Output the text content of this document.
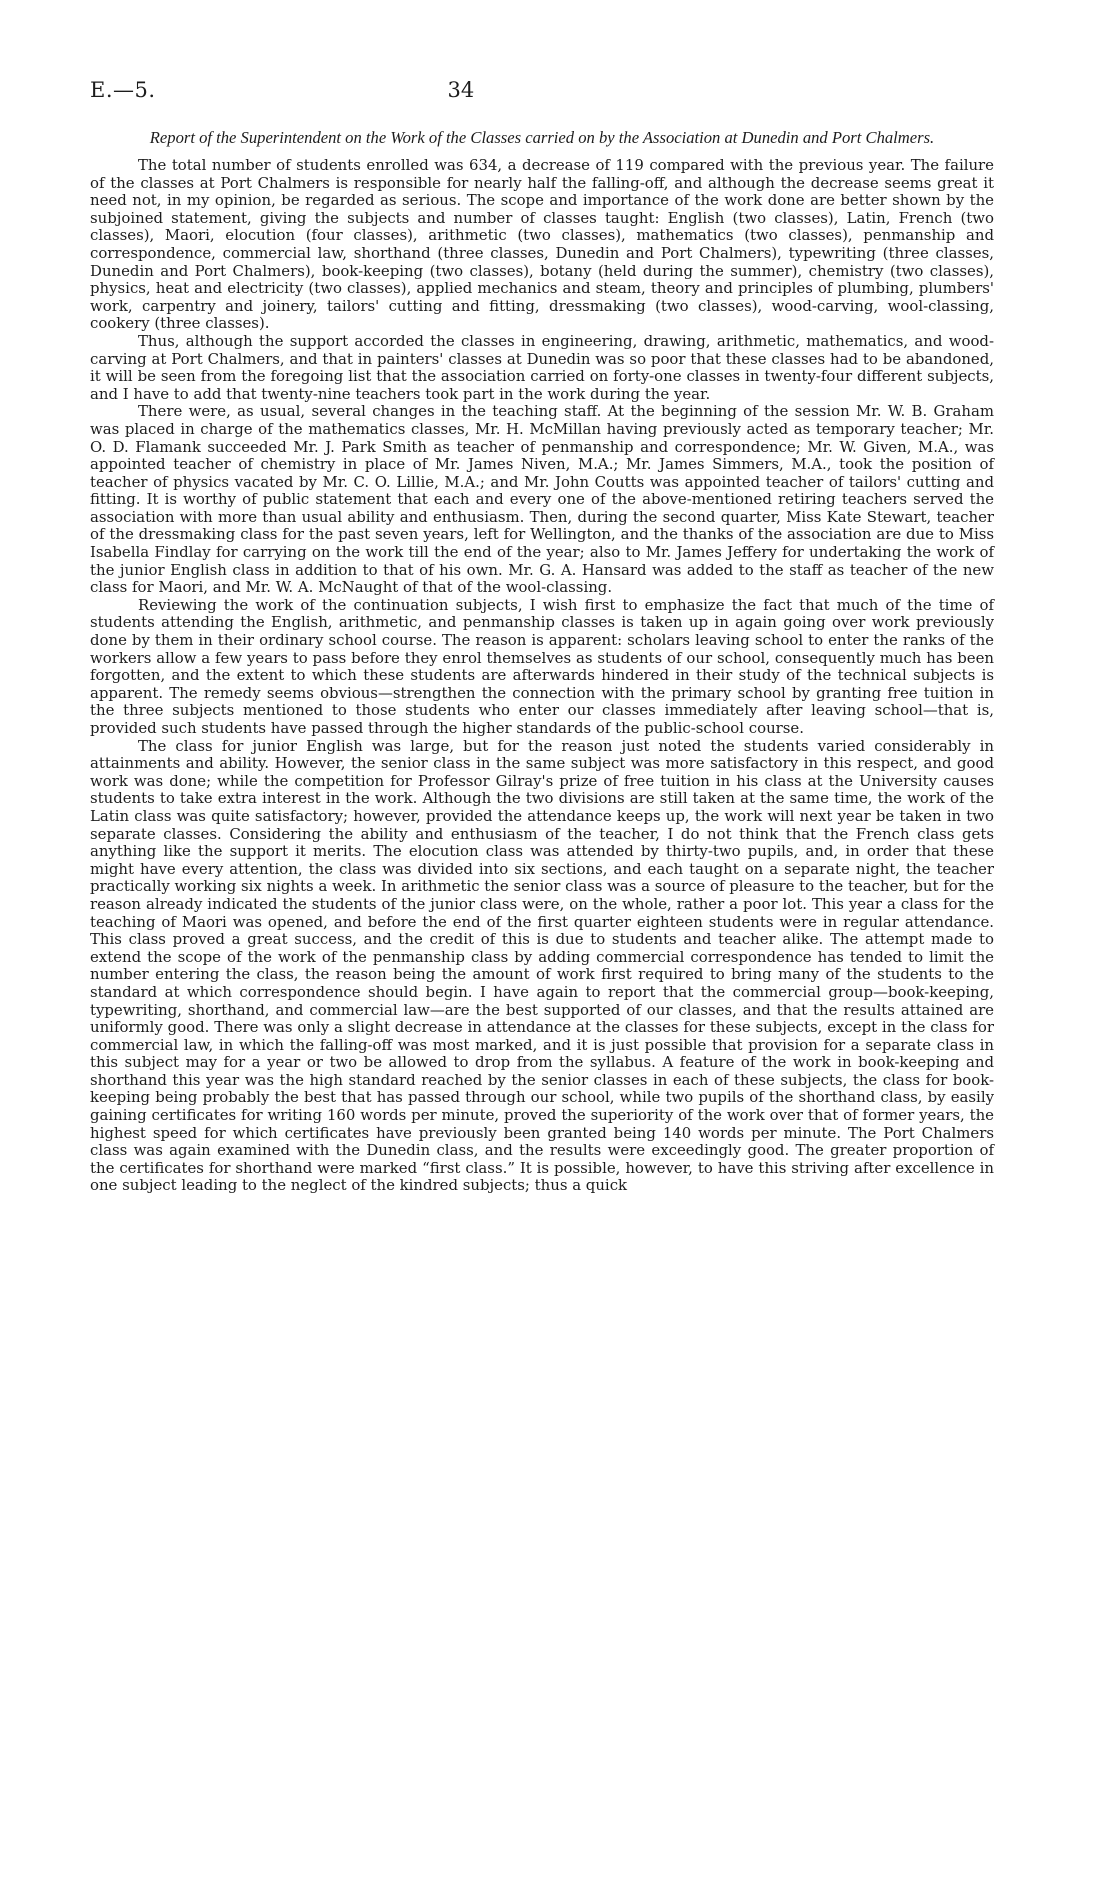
E.—5.	34
Report of the Superintendent on the Work of the Classes carried on by the Association at Dunedin and Port Chalmers.

The total number of students enrolled was 634, a decrease of 119 compared with the previous year. The failure of the classes at Port Chalmers is responsible for nearly half the falling-off, and although the decrease seems great it need not, in my opinion, be regarded as serious. The scope and importance of the work done are better shown by the subjoined statement, giving the subjects and number of classes taught: English (two classes), Latin, French (two classes), Maori, elocution (four classes), arithmetic (two classes), mathematics (two classes), penmanship and correspondence, commercial law, shorthand (three classes, Dunedin and Port Chalmers), typewriting (three classes, Dunedin and Port Chalmers), book-keeping (two classes), botany (held during the summer), chemistry (two classes), physics, heat and electricity (two classes), applied mechanics and steam, theory and principles of plumbing, plumbers' work, carpentry and joinery, tailors' cutting and fitting, dressmaking (two classes), wood-carving, wool-classing, cookery (three classes).

Thus, although the support accorded the classes in engineering, drawing, arithmetic, mathematics, and wood-carving at Port Chalmers, and that in painters' classes at Dunedin was so poor that these classes had to be abandoned, it will be seen from the foregoing list that the association carried on forty-one classes in twenty-four different subjects, and I have to add that twenty-nine teachers took part in the work during the year.

There were, as usual, several changes in the teaching staff. At the beginning of the session Mr. W. B. Graham was placed in charge of the mathematics classes, Mr. H. McMillan having previously acted as temporary teacher; Mr. O. D. Flamank succeeded Mr. J. Park Smith as teacher of penmanship and correspondence; Mr. W. Given, M.A., was appointed teacher of chemistry in place of Mr. James Niven, M.A.; Mr. James Simmers, M.A., took the position of teacher of physics vacated by Mr. C. O. Lillie, M.A.; and Mr. John Coutts was appointed teacher of tailors' cutting and fitting. It is worthy of public statement that each and every one of the above-mentioned retiring teachers served the association with more than usual ability and enthusiasm. Then, during the second quarter, Miss Kate Stewart, teacher of the dressmaking class for the past seven years, left for Wellington, and the thanks of the association are due to Miss Isabella Findlay for carrying on the work till the end of the year; also to Mr. James Jeffery for undertaking the work of the junior English class in addition to that of his own. Mr. G. A. Hansard was added to the staff as teacher of the new class for Maori, and Mr. W. A. McNaught of that of the wool-classing.

Reviewing the work of the continuation subjects, I wish first to emphasize the fact that much of the time of students attending the English, arithmetic, and penmanship classes is taken up in again going over work previously done by them in their ordinary school course. The reason is apparent: scholars leaving school to enter the ranks of the workers allow a few years to pass before they enrol themselves as students of our school, consequently much has been forgotten, and the extent to which these students are afterwards hindered in their study of the technical subjects is apparent. The remedy seems obvious—strengthen the connection with the primary school by granting free tuition in the three subjects mentioned to those students who enter our classes immediately after leaving school—that is, provided such students have passed through the higher standards of the public-school course.

The class for junior English was large, but for the reason just noted the students varied considerably in attainments and ability. However, the senior class in the same subject was more satisfactory in this respect, and good work was done; while the competition for Professor Gilray's prize of free tuition in his class at the University causes students to take extra interest in the work. Although the two divisions are still taken at the same time, the work of the Latin class was quite satisfactory; however, provided the attendance keeps up, the work will next year be taken in two separate classes. Considering the ability and enthusiasm of the teacher, I do not think that the French class gets anything like the support it merits. The elocution class was attended by thirty-two pupils, and, in order that these might have every attention, the class was divided into six sections, and each taught on a separate night, the teacher practically working six nights a week. In arithmetic the senior class was a source of pleasure to the teacher, but for the reason already indicated the students of the junior class were, on the whole, rather a poor lot. This year a class for the teaching of Maori was opened, and before the end of the first quarter eighteen students were in regular attendance. This class proved a great success, and the credit of this is due to students and teacher alike. The attempt made to extend the scope of the work of the penmanship class by adding commercial correspondence has tended to limit the number entering the class, the reason being the amount of work first required to bring many of the students to the standard at which correspondence should begin. I have again to report that the commercial group—book-keeping, typewriting, shorthand, and commercial law—are the best supported of our classes, and that the results attained are uniformly good. There was only a slight decrease in attendance at the classes for these subjects, except in the class for commercial law, in which the falling-off was most marked, and it is just possible that provision for a separate class in this subject may for a year or two be allowed to drop from the syllabus. A feature of the work in book-keeping and shorthand this year was the high standard reached by the senior classes in each of these subjects, the class for book-keeping being probably the best that has passed through our school, while two pupils of the shorthand class, by easily gaining certificates for writing 160 words per minute, proved the superiority of the work over that of former years, the highest speed for which certificates have previously been granted being 140 words per minute. The Port Chalmers class was again examined with the Dunedin class, and the results were exceedingly good. The greater proportion of the certificates for shorthand were marked “first class.” It is possible, however, to have this striving after excellence in one subject leading to the neglect of the kindred subjects; thus a quick
